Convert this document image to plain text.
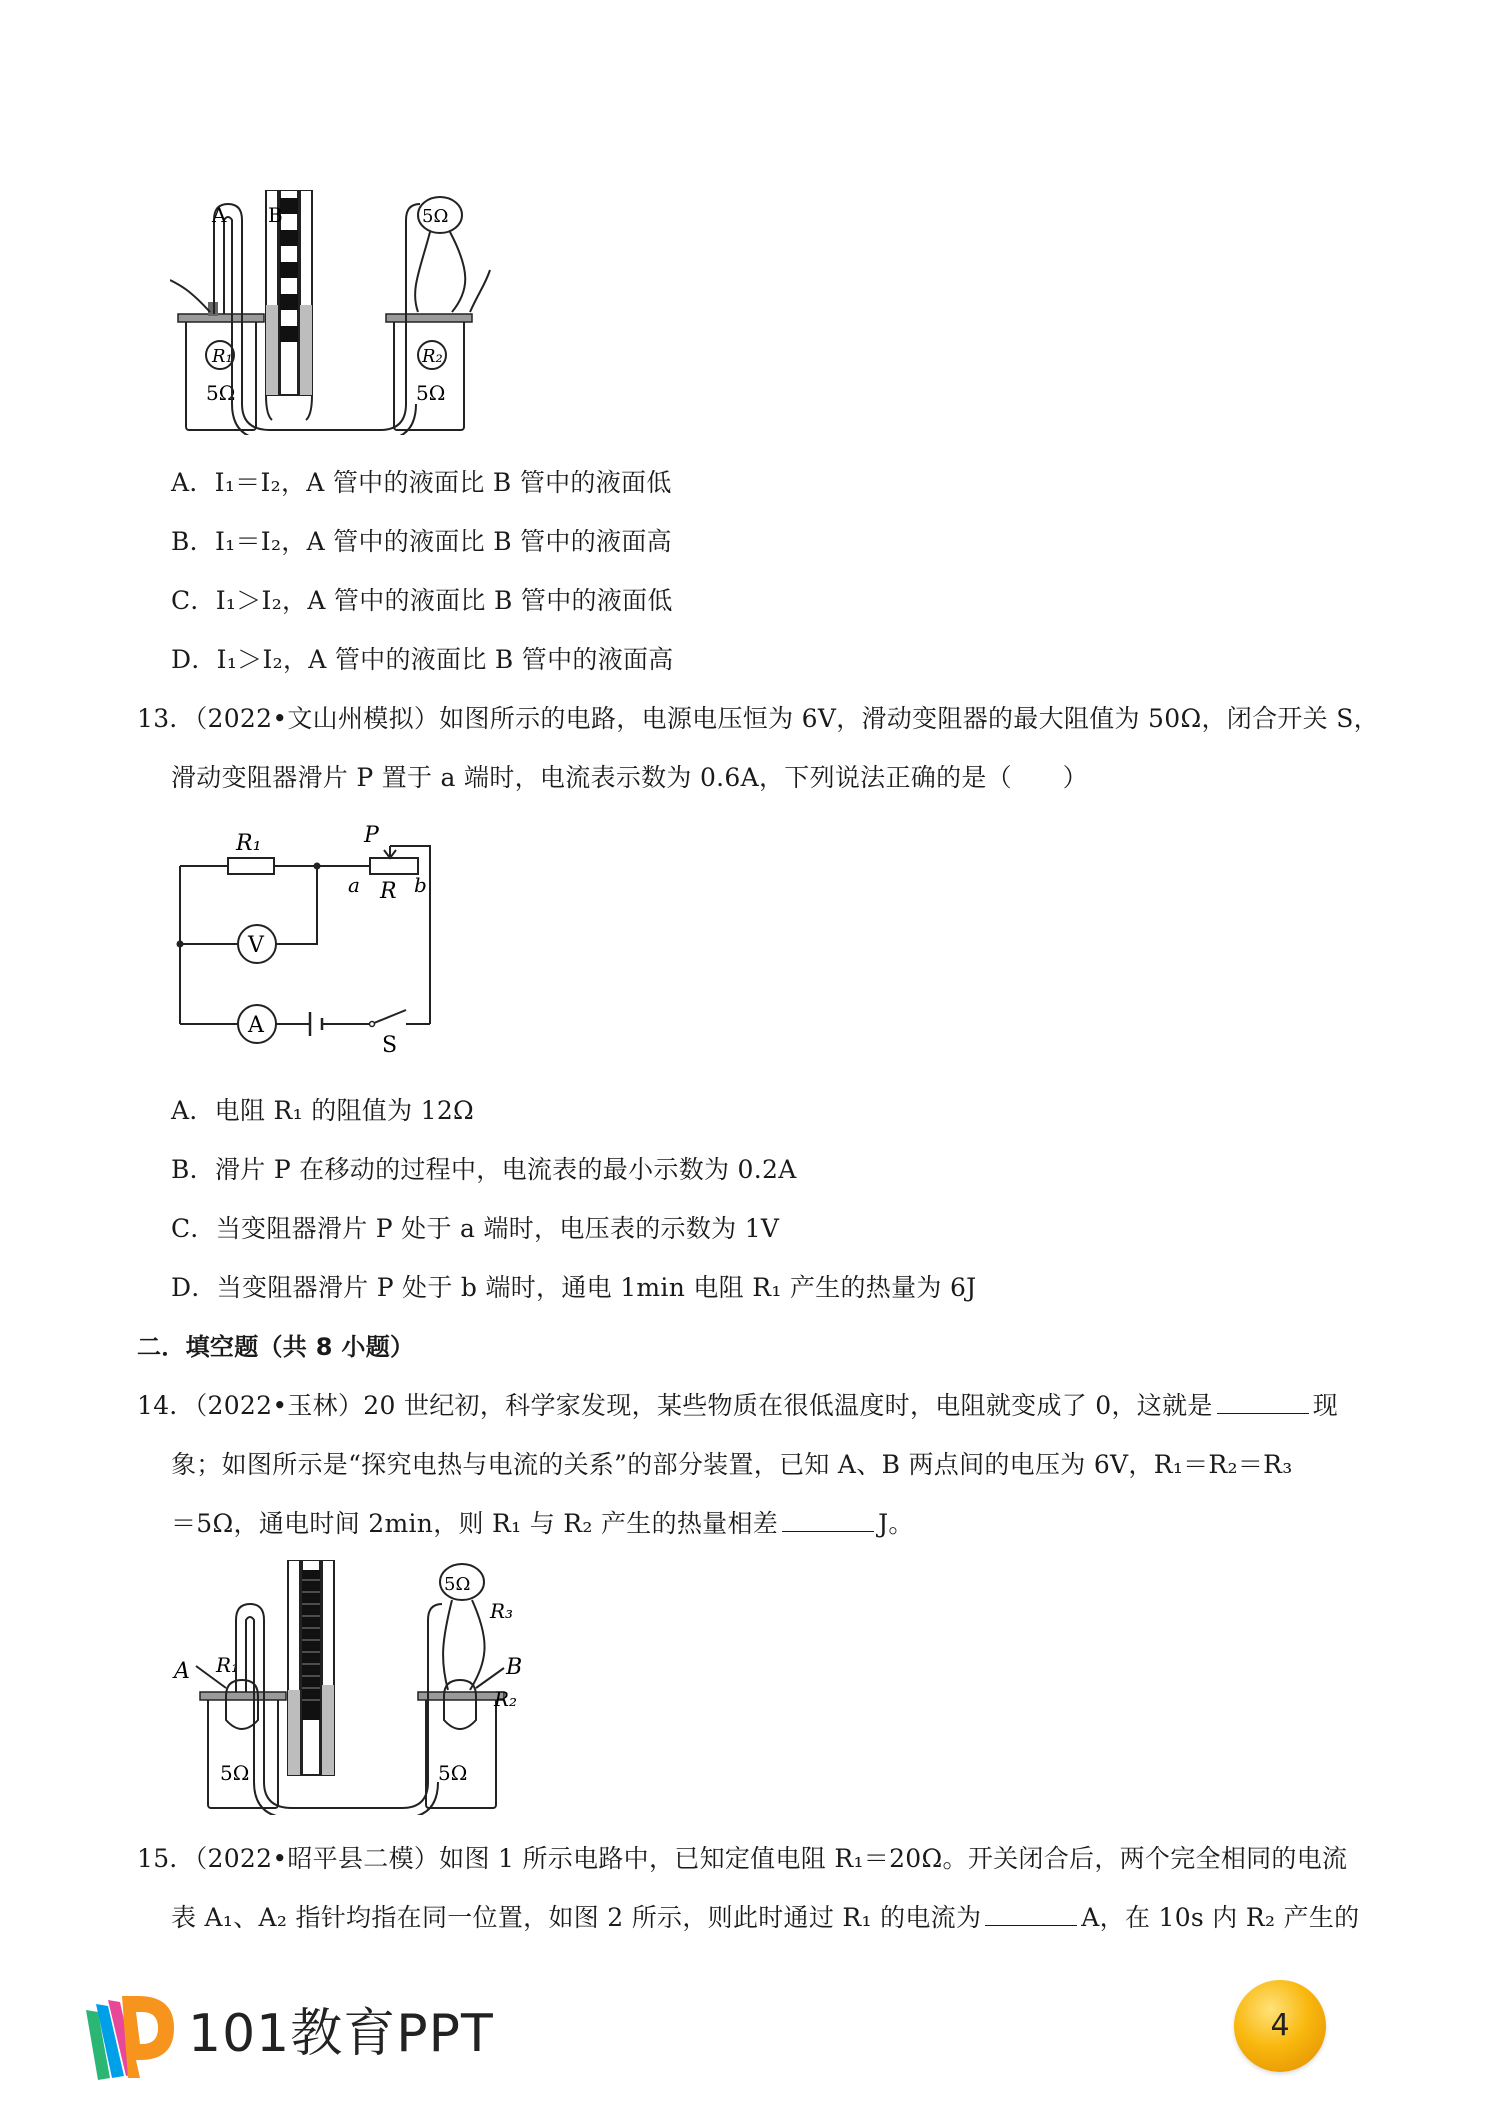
R₁
5Ω
R₂
5Ω
5Ω
A B
A．I₁＝I₂，A 管中的液面比 B 管中的液面低
B．I₁＝I₂，A 管中的液面比 B 管中的液面高
C．I₁＞I₂，A 管中的液面比 B 管中的液面低
D．I₁＞I₂，A 管中的液面比 B 管中的液面高
13．（2022•文山州模拟）如图所示的电路，电源电压恒为 6V，滑动变阻器的最大阻值为 50Ω，闭合开关 S，
滑动变阻器滑片 P 置于 a 端时，电流表示数为 0.6A，下列说法正确的是（　　）
R₁	P
a R b
V
A
S
A．电阻 R₁ 的阻值为 12Ω
B．滑片 P 在移动的过程中，电流表的最小示数为 0.2A
C．当变阻器滑片 P 处于 a 端时，电压表的示数为 1V
D．当变阻器滑片 P 处于 b 端时，通电 1min 电阻 R₁ 产生的热量为 6J
二．填空题（共 8 小题）
14．（2022•玉林）20 世纪初，科学家发现，某些物质在很低温度时，电阻就变成了 0，这就是	现
象；如图所示是“探究电热与电流的关系”的部分装置，已知 A、B 两点间的电压为 6V，R₁＝R₂＝R₃
＝5Ω，通电时间 2min，则 R₁ 与 R₂ 产生的热量相差	J。
5Ω
A R₁
5Ω
R₂
B
5Ω
R₃
15．（2022•昭平县二模）如图 1 所示电路中，已知定值电阻 R₁＝20Ω。开关闭合后，两个完全相同的电流
表 A₁、A₂ 指针均指在同一位置，如图 2 所示，则此时通过 R₁ 的电流为	A，在 10s 内 R₂ 产生的
101教育PPT	4
